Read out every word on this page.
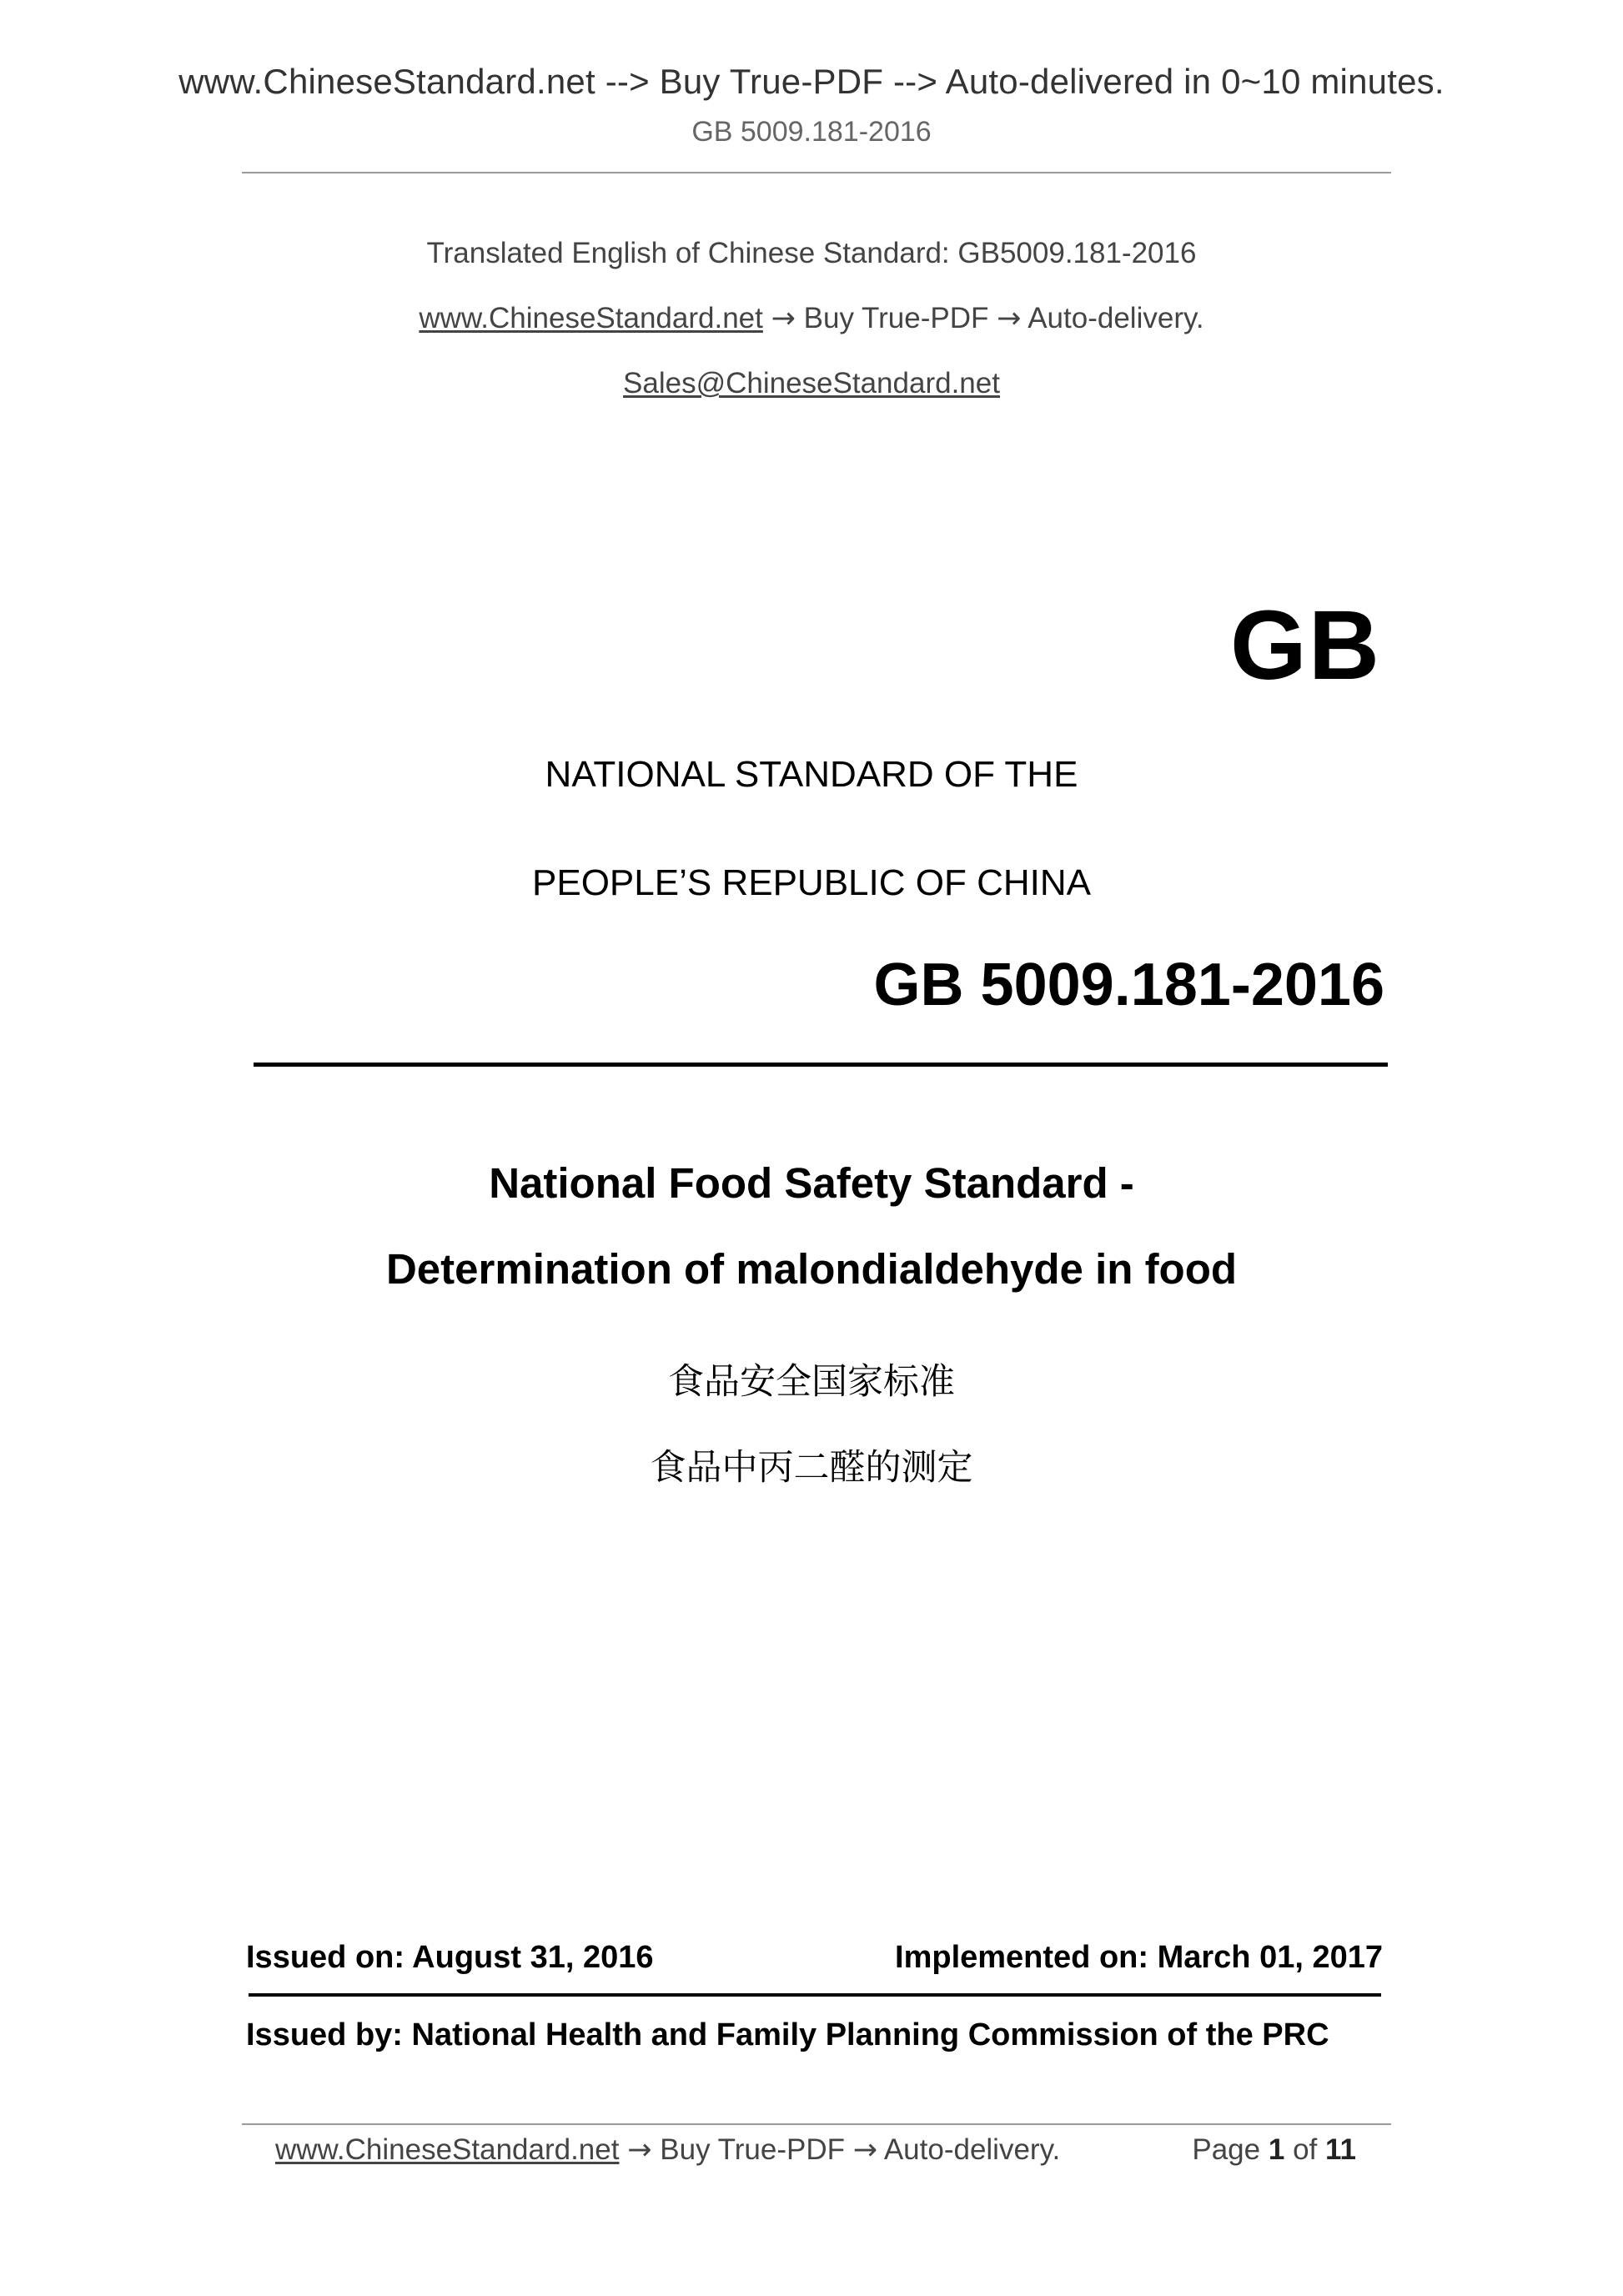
www.ChineseStandard.net --> Buy True-PDF --> Auto-delivered in 0~10 minutes.
GB 5009.181-2016
Translated English of Chinese Standard: GB5009.181-2016
www.ChineseStandard.net → Buy True-PDF → Auto-delivery.
Sales@ChineseStandard.net
GB
NATIONAL STANDARD OF THE
PEOPLE’S REPUBLIC OF CHINA
GB 5009.181-2016
National Food Safety Standard -
Determination of malondialdehyde in food
食品安全国家标准
食品中丙二醛的测定
Issued on: August 31, 2016	Implemented on: March 01, 2017
Issued by: National Health and Family Planning Commission of the PRC
www.ChineseStandard.net → Buy True-PDF → Auto-delivery.	Page 1 of 11
